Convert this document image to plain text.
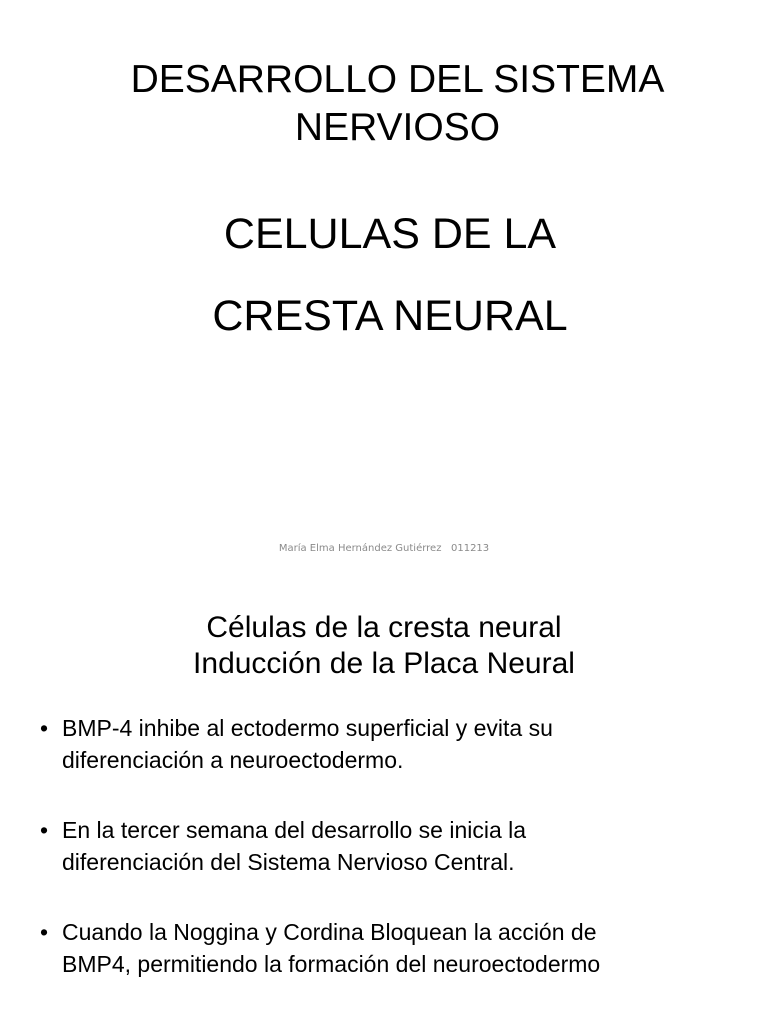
DESARROLLO DEL SISTEMA
NERVIOSO

CELULAS DE LA

CRESTA NEURAL

María Elma Hernández Gutiérrez   011213
Células de la cresta neural
Inducción de la Placa Neural
• BMP-4 inhibe al ectodermo superficial y evita su
diferenciación a neuroectodermo.
• En la tercer semana del desarrollo se inicia la
diferenciación del Sistema Nervioso Central.
• Cuando la Noggina y Cordina Bloquean la acción de
BMP4, permitiendo la formación del neuroectodermo
